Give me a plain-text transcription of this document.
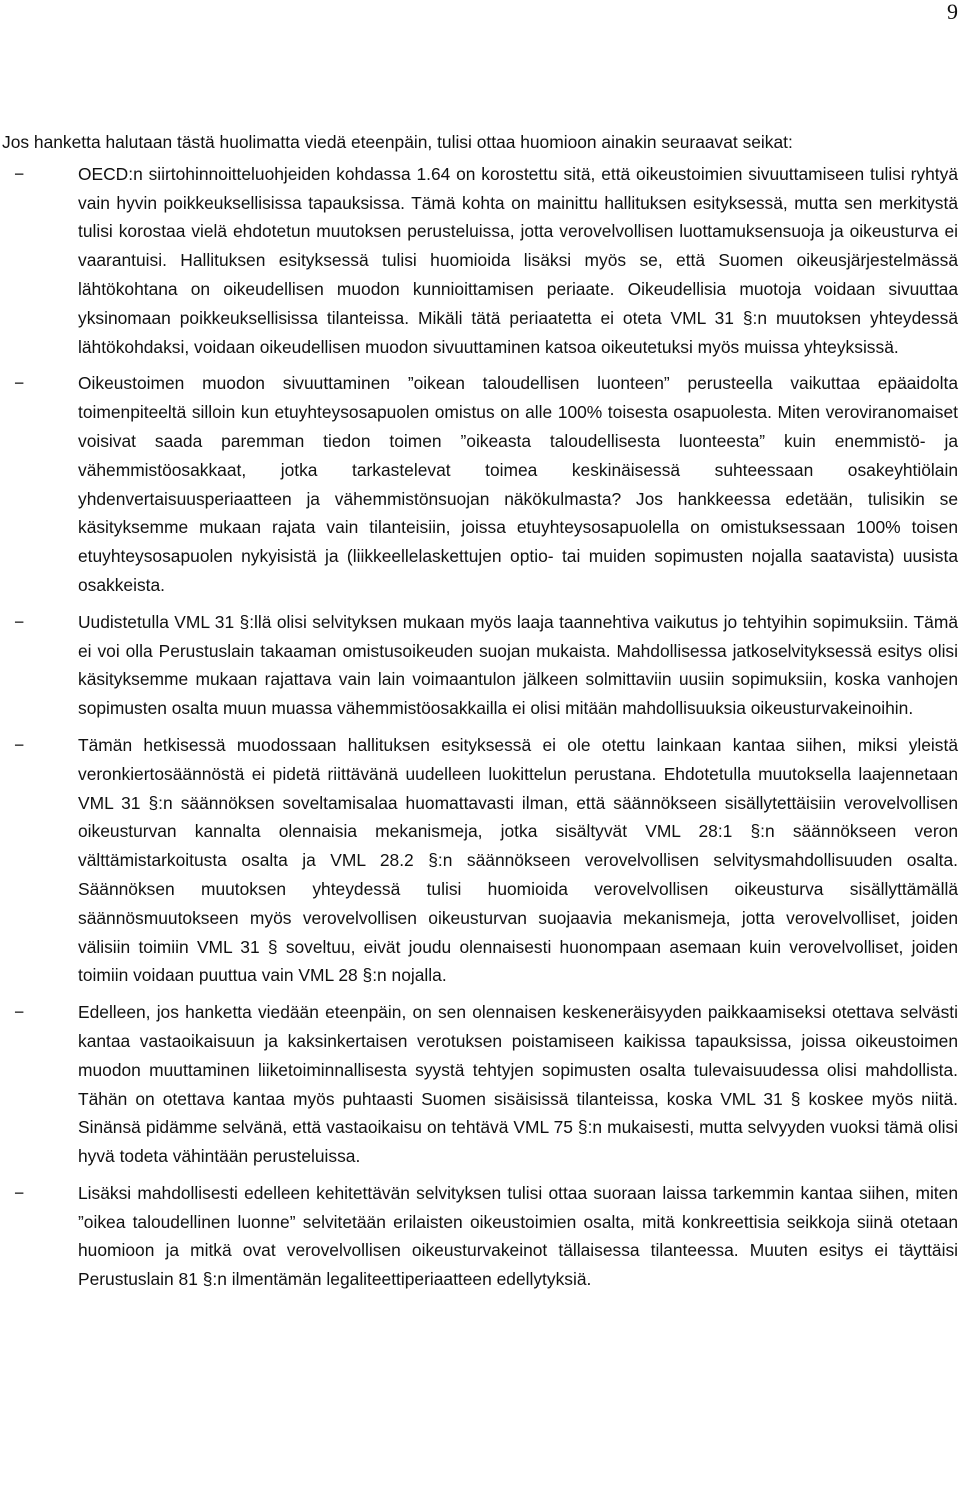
9

Jos hanketta halutaan tästä huolimatta viedä eteenpäin, tulisi ottaa huomioon ainakin seuraavat seikat:

−	OECD:n siirtohinnoitteluohjeiden kohdassa 1.64 on korostettu sitä, että oikeustoimien sivuuttamiseen tulisi ryhtyä vain hyvin poikkeuksellisissa tapauksissa. Tämä kohta on mainittu hallituksen esityksessä, mutta sen merkitystä tulisi korostaa vielä ehdotetun muutoksen perusteluissa, jotta verovelvollisen luottamuksensuoja ja oikeusturva ei vaarantuisi. Hallituksen esityksessä tulisi huomioida lisäksi myös se, että Suomen oikeusjärjestelmässä lähtökohtana on oikeudellisen muodon kunnioittamisen periaate. Oikeudellisia muotoja voidaan sivuuttaa yksinomaan poikkeuksellisissa tilanteissa. Mikäli tätä periaatetta ei oteta VML 31 §:n muutoksen yhteydessä lähtökohdaksi, voidaan oikeudellisen muodon sivuuttaminen katsoa oikeutetuksi myös muissa yhteyksissä.
−	Oikeustoimen muodon sivuuttaminen ”oikean taloudellisen luonteen” perusteella vaikuttaa epäaidolta toimenpiteeltä silloin kun etuyhteysosapuolen omistus on alle 100% toisesta osapuolesta. Miten veroviranomaiset voisivat saada paremman tiedon toimen ”oikeasta taloudellisesta luonteesta” kuin enemmistö- ja vähemmistöosakkaat, jotka tarkastelevat toimea keskinäisessä suhteessaan osakeyhtiölain yhdenvertaisuusperiaatteen ja vähemmistönsuojan näkökulmasta? Jos hankkeessa edetään, tulisikin se käsityksemme mukaan rajata vain tilanteisiin, joissa etuyhteysosapuolella on omistuksessaan 100% toisen etuyhteysosapuolen nykyisistä ja (liikkeellelaskettujen optio- tai muiden sopimusten nojalla saatavista) uusista osakkeista.
−	Uudistetulla VML 31 §:llä olisi selvityksen mukaan myös laaja taannehtiva vaikutus jo tehtyihin sopimuksiin. Tämä ei voi olla Perustuslain takaaman omistusoikeuden suojan mukaista. Mahdollisessa jatkoselvityksessä esitys olisi käsityksemme mukaan rajattava vain lain voimaantulon jälkeen solmittaviin uusiin sopimuksiin, koska vanhojen sopimusten osalta muun muassa vähemmistöosakkailla ei olisi mitään mahdollisuuksia oikeusturvakeinoihin.
−	Tämän hetkisessä muodossaan hallituksen esityksessä ei ole otettu lainkaan kantaa siihen, miksi yleistä veronkiertosäännöstä ei pidetä riittävänä uudelleen luokittelun perustana. Ehdotetulla muutoksella laajennetaan VML 31 §:n säännöksen soveltamisalaa huomattavasti ilman, että säännökseen sisällytettäisiin verovelvollisen oikeusturvan kannalta olennaisia mekanismeja, jotka sisältyvät VML 28:1 §:n säännökseen veron välttämistarkoitusta osalta ja VML 28.2 §:n säännökseen verovelvollisen selvitysmahdollisuuden osalta. Säännöksen muutoksen yhteydessä tulisi huomioida verovelvollisen oikeusturva sisällyttämällä säännösmuutokseen myös verovelvollisen oikeusturvan suojaavia mekanismeja, jotta verovelvolliset, joiden välisiin toimiin VML 31 § soveltuu, eivät joudu olennaisesti huonompaan asemaan kuin verovelvolliset, joiden toimiin voidaan puuttua vain VML 28 §:n nojalla.
−	Edelleen, jos hanketta viedään eteenpäin, on sen olennaisen keskeneräisyyden paikkaamiseksi otettava selvästi kantaa vastaoikaisuun ja kaksinkertaisen verotuksen poistamiseen kaikissa tapauksissa, joissa oikeustoimen muodon muuttaminen liiketoiminnallisesta syystä tehtyjen sopimusten osalta tulevaisuudessa olisi mahdollista. Tähän on otettava kantaa myös puhtaasti Suomen sisäisissä tilanteissa, koska VML 31 § koskee myös niitä. Sinänsä pidämme selvänä, että vastaoikaisu on tehtävä VML 75 §:n mukaisesti, mutta selvyyden vuoksi tämä olisi hyvä todeta vähintään perusteluissa.
−	Lisäksi mahdollisesti edelleen kehitettävän selvityksen tulisi ottaa suoraan laissa tarkemmin kantaa siihen, miten ”oikea taloudellinen luonne” selvitetään erilaisten oikeustoimien osalta, mitä konkreettisia seikkoja siinä otetaan huomioon ja mitkä ovat verovelvollisen oikeusturvakeinot tällaisessa tilanteessa. Muuten esitys ei täyttäisi Perustuslain 81 §:n ilmentämän legaliteettiperiaatteen edellytyksiä.
